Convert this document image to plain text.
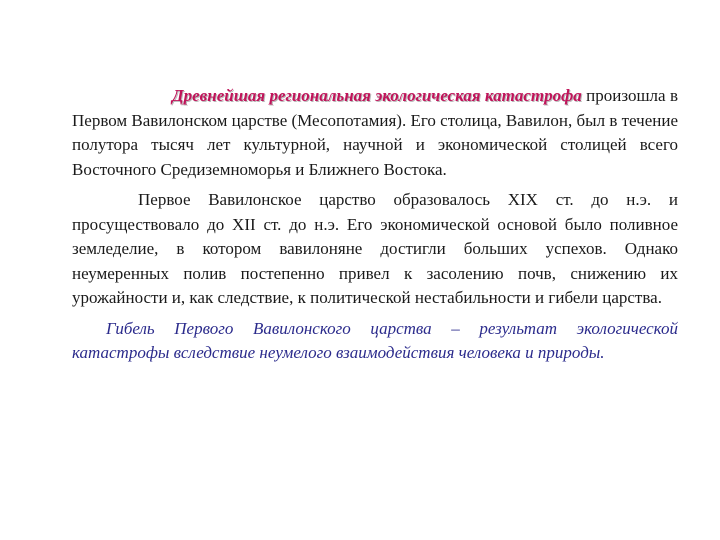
Древнейшая региональная экологическая катастрофа произошла в Первом Вавилонском царстве (Месопотамия). Его столица, Вавилон, был в течение полутора тысяч лет культурной, научной и экономической столицей всего Восточного Средиземноморья и Ближнего Востока.

Первое Вавилонское царство образовалось XIX ст. до н.э. и просуществовало до XII ст. до н.э. Его экономической основой было поливное земледелие, в котором вавилоняне достигли больших успехов. Однако неумеренных полив постепенно привел к засолению почв, снижению их урожайности и, как следствие, к политической нестабильности и гибели царства.

Гибель Первого Вавилонского царства – результат экологической катастрофы вследствие неумелого взаимодействия человека и природы.
